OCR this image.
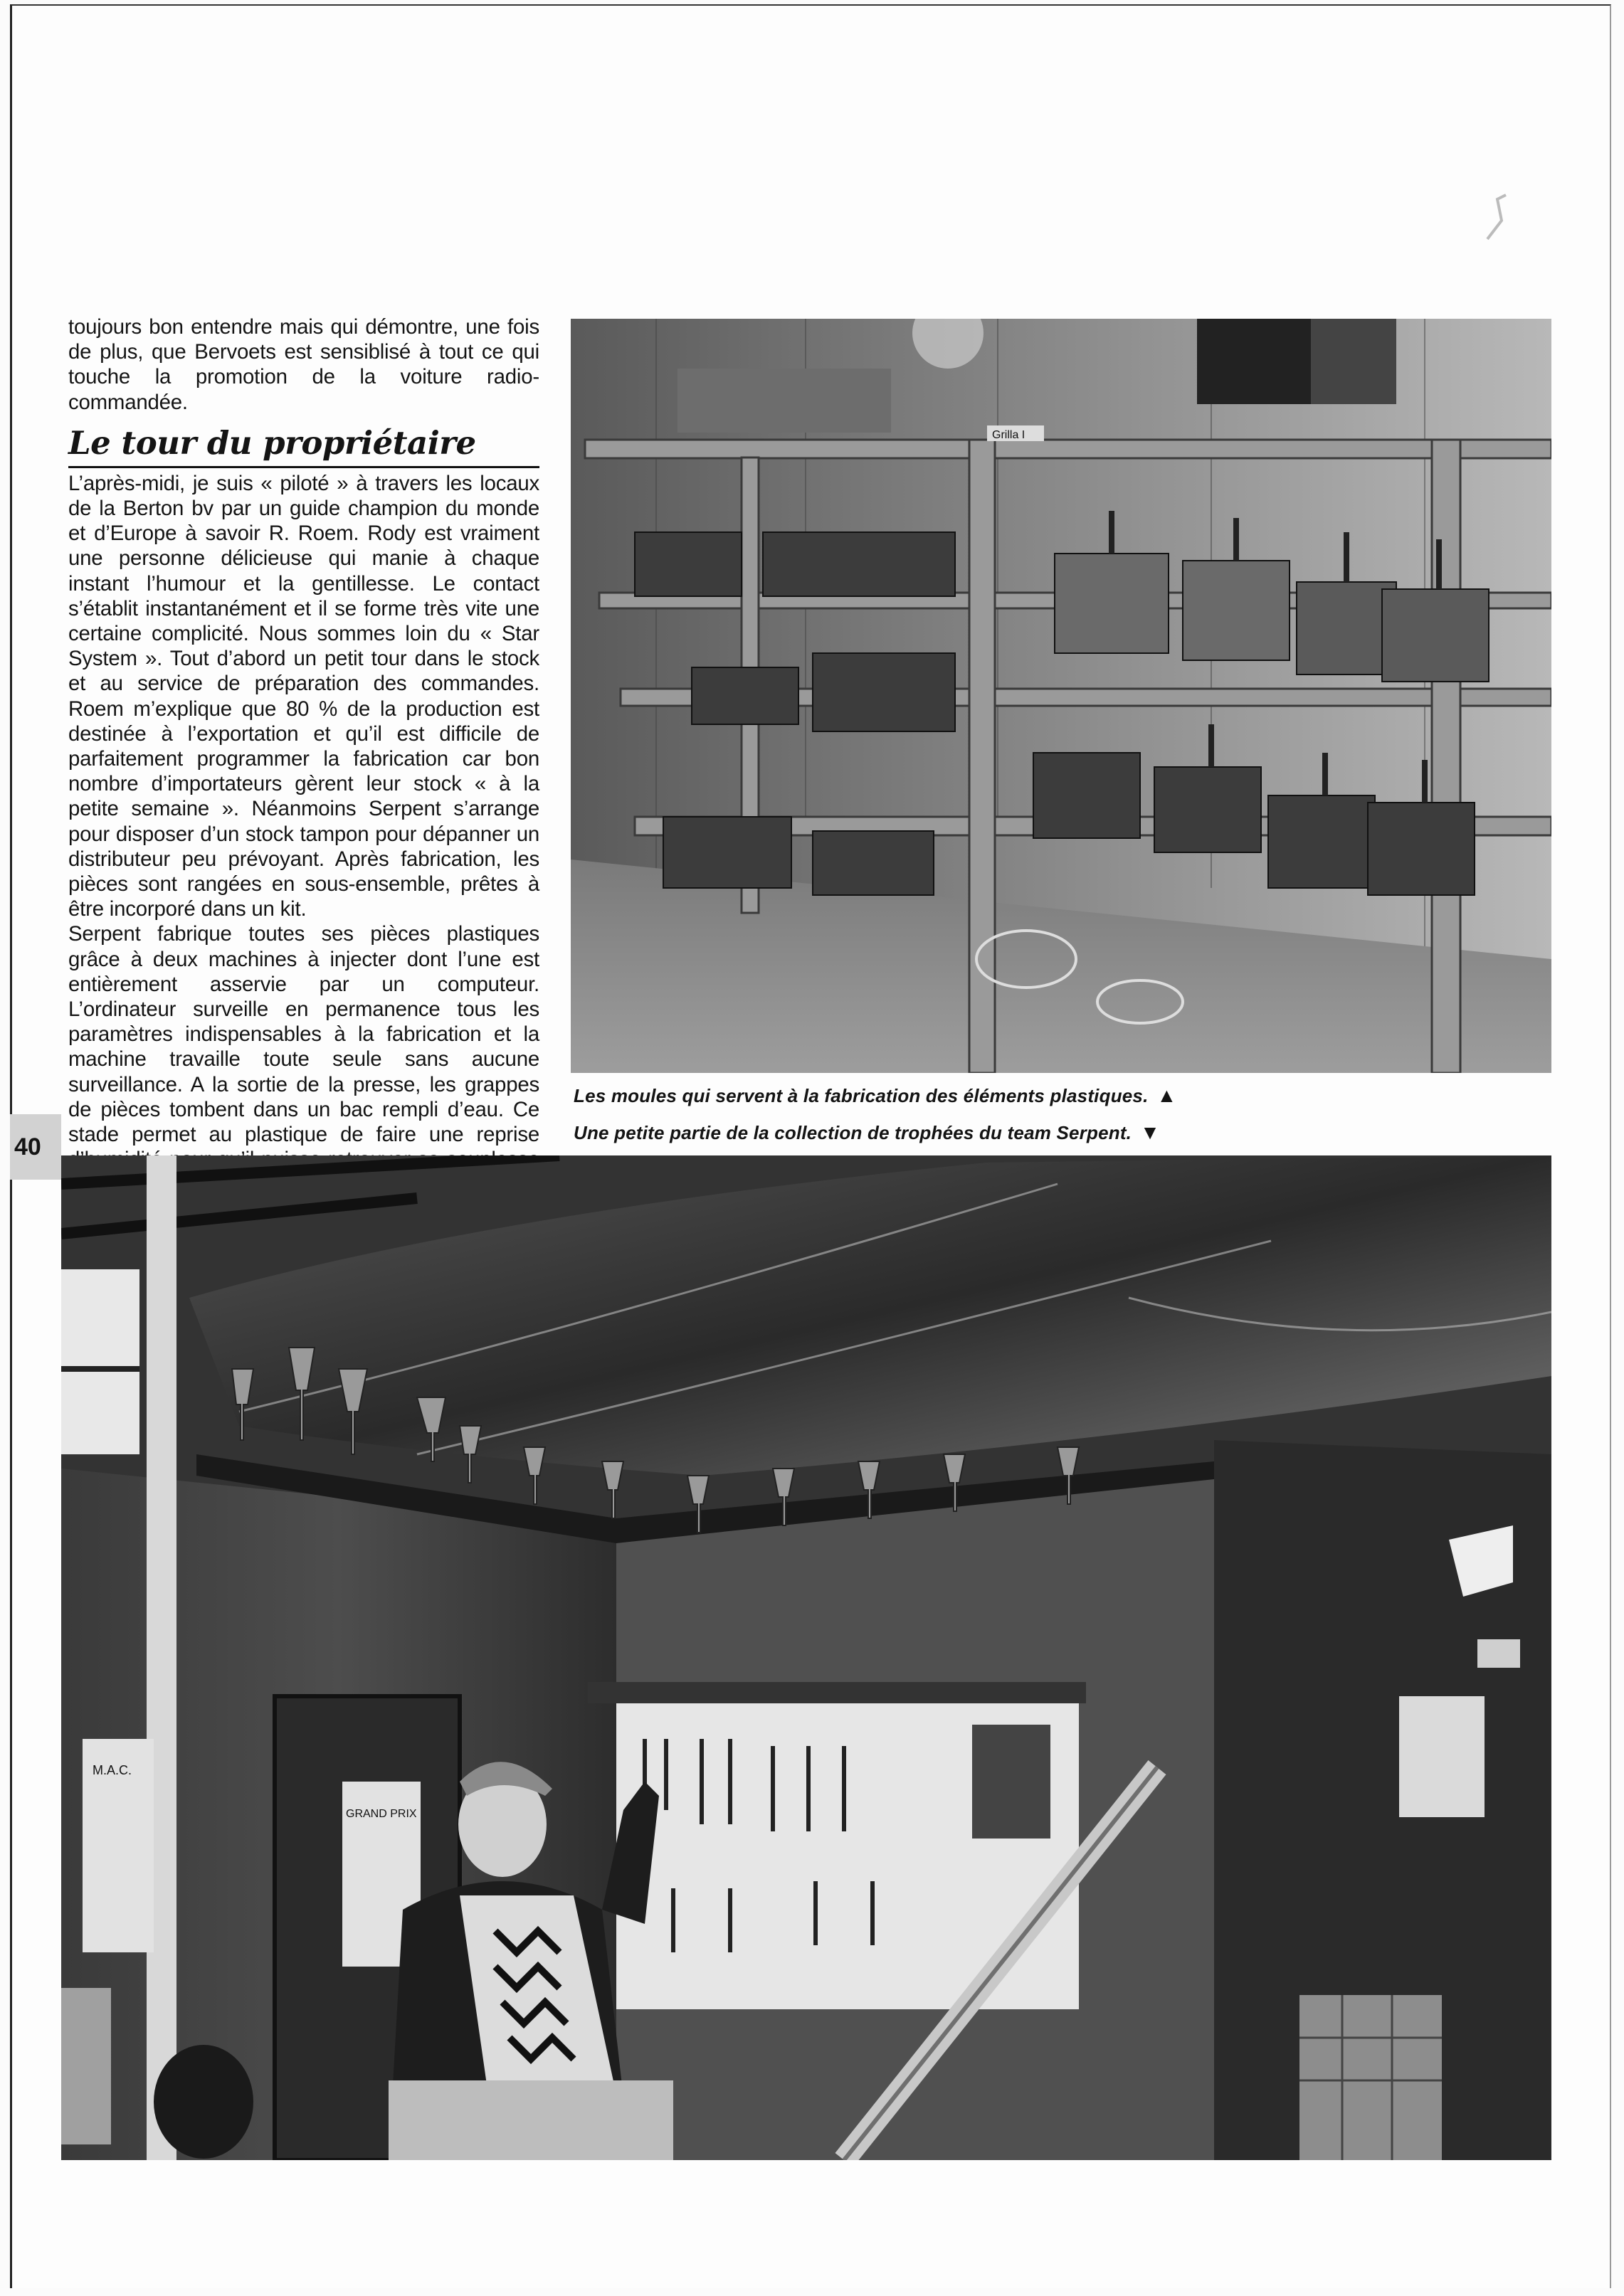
toujours bon entendre mais qui démontre, une fois de plus, que Bervoets est sensiblisé à tout ce qui touche la promotion de la voiture radio-commandée.

Le tour du propriétaire

L’après-midi, je suis « piloté » à travers les locaux de la Berton bv par un guide champion du monde et d’Europe à savoir R. Roem. Rody est vraiment une personne délicieuse qui manie à chaque instant l’humour et la gentillesse. Le contact s’établit instantanément et il se forme très vite une certaine complicité. Nous sommes loin du « Star System ». Tout d’abord un petit tour dans le stock et au service de préparation des commandes. Roem m’explique que 80 % de la production est destinée à l’exportation et qu’il est difficile de parfaitement programmer la fabrication car bon nombre d’importateurs gèrent leur stock « à la petite semaine ». Néanmoins Serpent s’arrange pour disposer d’un stock tampon pour dépanner un distributeur peu prévoyant. Après fabrication, les pièces sont rangées en sous-ensemble, prêtes à être incorporé dans un kit.

Serpent fabrique toutes ses pièces plastiques grâce à deux machines à injecter dont l’une est entièrement asservie par un computeur. L’ordinateur surveille en permanence tous les paramètres indispensables à la fabrication et la machine travaille toute seule sans aucune surveillance. A la sortie de la presse, les grappes de pièces tombent dans un bac rempli d’eau. Ce stade permet au plastique de faire une reprise

Grilla I
Les moules qui servent à la fabrication des éléments plastiques. ▲
Une petite partie de la collection de trophées du team Serpent. ▼
40
M.A.C.
GRAND PRIX
